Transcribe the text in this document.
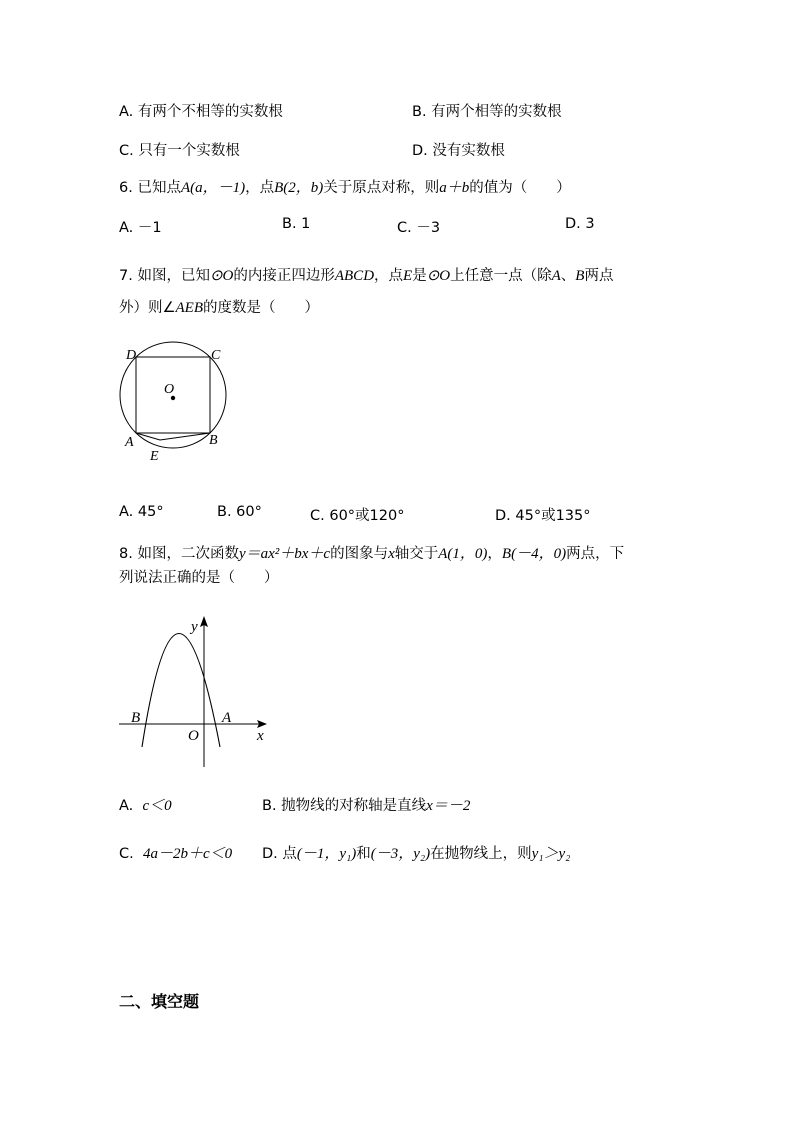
A. 有两个不相等的实数根	B. 有两个相等的实数根
C. 只有一个实数根	D. 没有实数根
6. 已知点A(a，－1)，点B(2，b)关于原点对称，则a＋b的值为（　　）
A. －1	B. 1	C. －3	D. 3
7. 如图，已知⊙O的内接正四边形ABCD，点E是⊙O上任意一点（除A、B两点
外）则∠AEB的度数是（　　）
D	C
O
A	B
E
A. 45°	B. 60°	C. 60°或120°	D. 45°或135°
8. 如图，二次函数y＝ax²＋bx＋c的图象与x轴交于A(1，0)，B(－4，0)两点，下
列说法正确的是（　　）
y
x
B	A
O
A. c＜0	B. 抛物线的对称轴是直线x＝－2
C. 4a－2b＋c＜0 D. 点(－1，y₁)和(－3，y₂)在抛物线上，则y₁＞y₂
二、填空题
